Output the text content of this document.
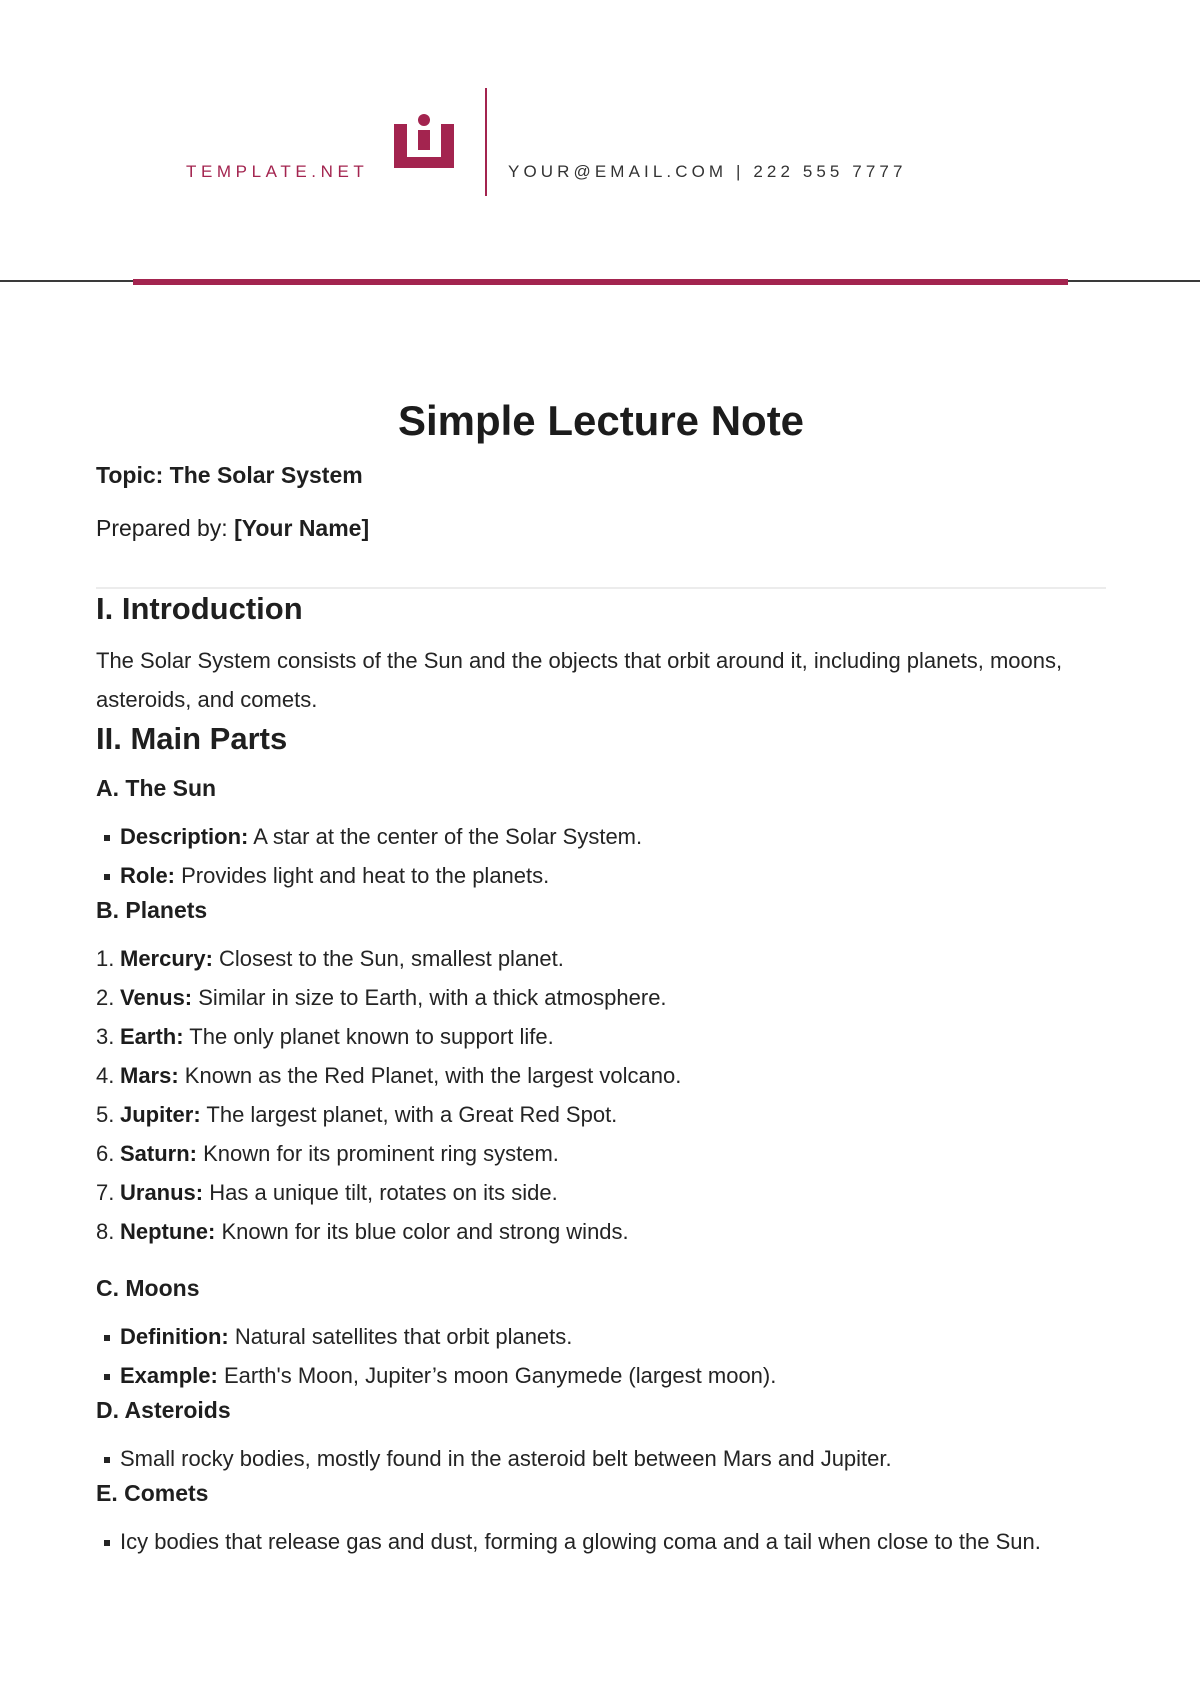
TEMPLATE.NET	YOUR@EMAIL.COM | 222 555 7777
Simple Lecture Note
Topic: The Solar System
Prepared by: [Your Name]
I. Introduction

The Solar System consists of the Sun and the objects that orbit around it, including planets, moons, asteroids, and comets.

II. Main Parts
A. The Sun
Description: A star at the center of the Solar System.
Role: Provides light and heat to the planets.
B. Planets
1. Mercury: Closest to the Sun, smallest planet.
2. Venus: Similar in size to Earth, with a thick atmosphere.
3. Earth: The only planet known to support life.
4. Mars: Known as the Red Planet, with the largest volcano.
5. Jupiter: The largest planet, with a Great Red Spot.
6. Saturn: Known for its prominent ring system.
7. Uranus: Has a unique tilt, rotates on its side.
8. Neptune: Known for its blue color and strong winds.
C. Moons
Definition: Natural satellites that orbit planets.
Example: Earth's Moon, Jupiter’s moon Ganymede (largest moon).
D. Asteroids
Small rocky bodies, mostly found in the asteroid belt between Mars and Jupiter.
E. Comets
Icy bodies that release gas and dust, forming a glowing coma and a tail when close to the Sun.
